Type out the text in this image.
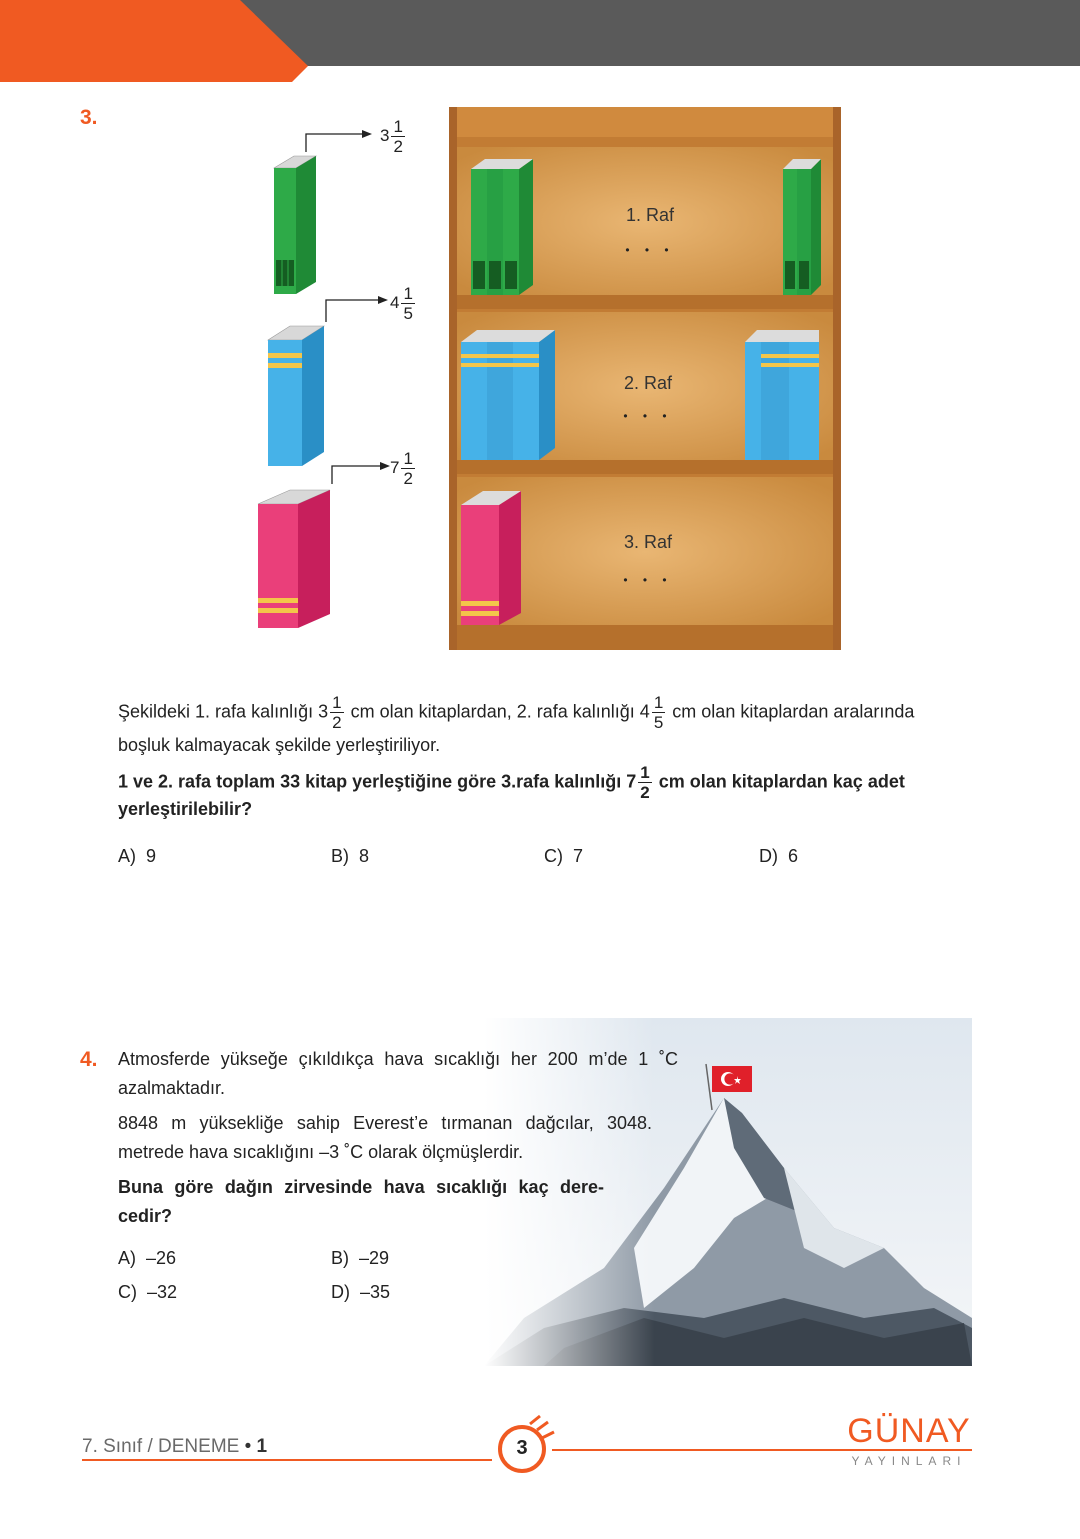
3.
$3 \frac{1}{2}$
$4 \frac{1}{5}$
$7 \frac{1}{2}$
1. Raf
• • •
2. Raf
• • •
3. Raf
• • •
Şekildeki 1. rafa kalınlığı $3 \frac{1}{2}$ cm olan kitaplardan, 2. rafa kalınlığı $4 \frac{1}{5}$ cm olan kitaplardan aralarında
boşluk kalmayacak şekilde yerleştiriliyor.
1 ve 2. rafa toplam 33 kitap yerleştiğine göre 3.rafa kalınlığı $7 \frac{1}{2}$ cm olan kitaplardan kaç adet
yerleştirilebilir?
A) 9	B) 8	C) 7	D) 6
4. Atmosferde yükseğe çıkıldıkça hava sıcaklığı her 200 m’de 1 ˚C
azalmaktadır.
8848 m yüksekliğe sahip Everest’e tırmanan dağcılar, 3048.
metrede hava sıcaklığını –3 ˚C olarak ölçmüşlerdir.
Buna göre dağın zirvesinde hava sıcaklığı kaç dere-
cedir?
A) –26	B) –29
C) –32	D) –35
7. Sınıf / DENEME • 1	3	GÜNAY
YAYINLARI
